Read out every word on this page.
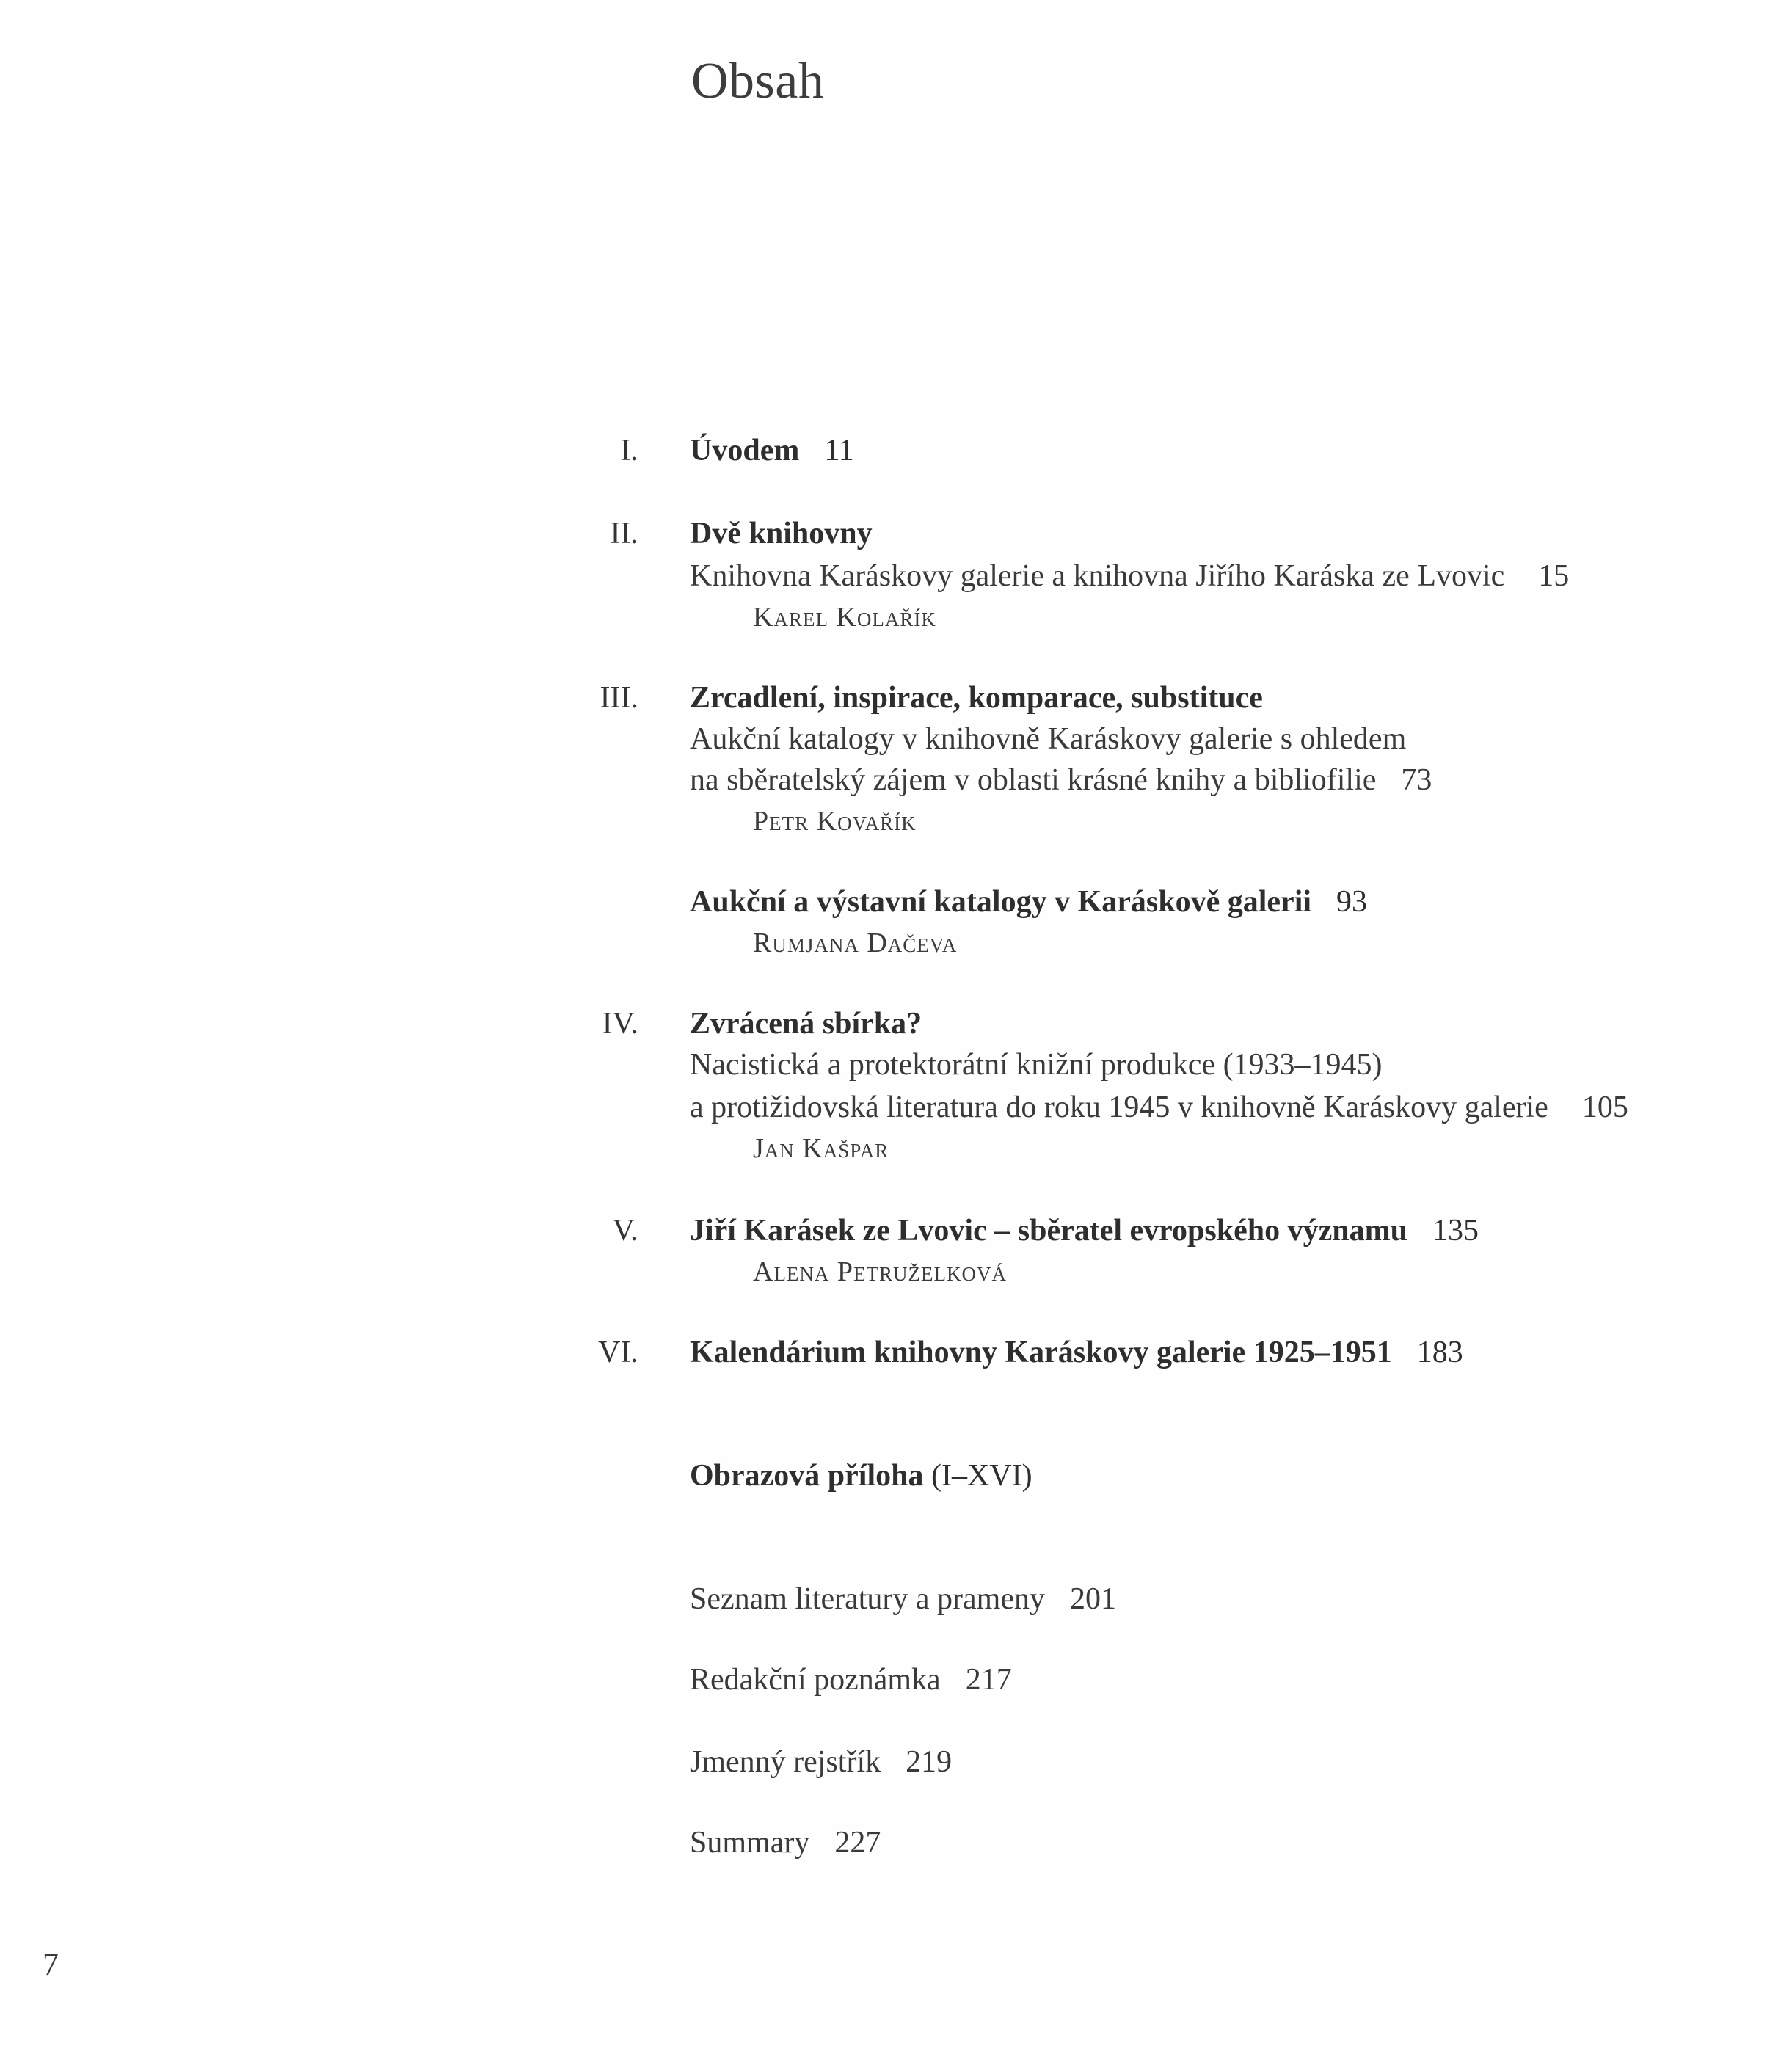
Obsah
I. Úvodem 11
II. Dvě knihovny
Knihovna Karáskovy galerie a knihovna Jiřího Karáska ze Lvovic 15
Karel Kolařík
III. Zrcadlení, inspirace, komparace, substituce
Aukční katalogy v knihovně Karáskovy galerie s ohledem
na sběratelský zájem v oblasti krásné knihy a bibliofilie 73
Petr Kovařík
Aukční a výstavní katalogy v Karáskově galerii 93
Rumjana Dačeva
IV. Zvrácená sbírka?
Nacistická a protektorátní knižní produkce (1933–1945)
a protižidovská literatura do roku 1945 v knihovně Karáskovy galerie 105
Jan Kašpar
V. Jiří Karásek ze Lvovic – sběratel evropského významu 135
Alena Petruželková
VI. Kalendárium knihovny Karáskovy galerie 1925–1951 183
Obrazová příloha (I–XVI)
Seznam literatury a prameny 201
Redakční poznámka 217
Jmenný rejstřík 219
Summary 227
7
